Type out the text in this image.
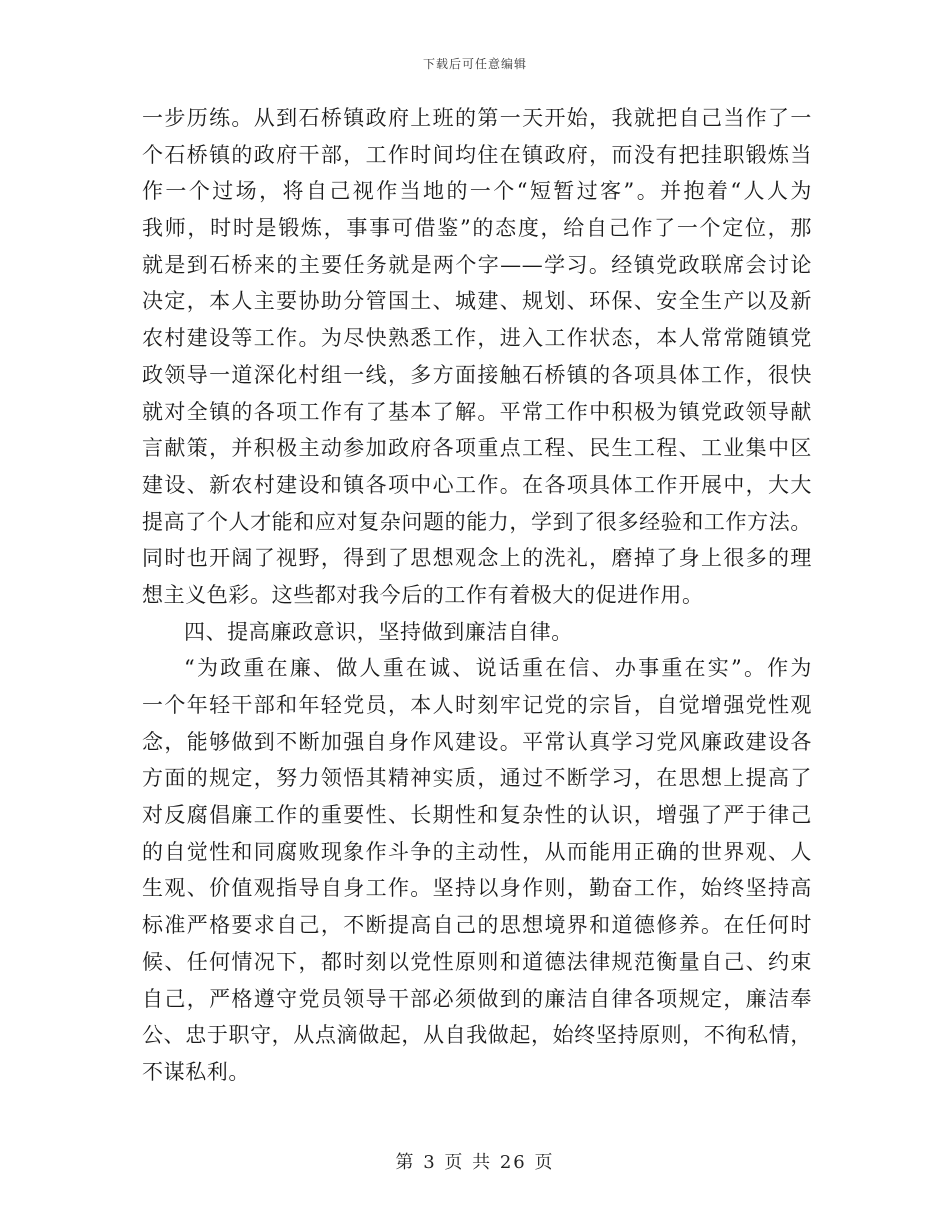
下载后可任意编辑
一步历练。从到石桥镇政府上班的第一天开始，我就把自己当作了一
个石桥镇的政府干部，工作时间均住在镇政府，而没有把挂职锻炼当
作一个过场，将自己视作当地的一个“短暂过客”。并抱着“人人为
我师，时时是锻炼，事事可借鉴”的态度，给自己作了一个定位，那
就是到石桥来的主要任务就是两个字——学习。经镇党政联席会讨论
决定，本人主要协助分管国土、城建、规划、环保、安全生产以及新
农村建设等工作。为尽快熟悉工作，进入工作状态，本人常常随镇党
政领导一道深化村组一线，多方面接触石桥镇的各项具体工作，很快
就对全镇的各项工作有了基本了解。平常工作中积极为镇党政领导献
言献策，并积极主动参加政府各项重点工程、民生工程、工业集中区
建设、新农村建设和镇各项中心工作。在各项具体工作开展中，大大
提高了个人才能和应对复杂问题的能力，学到了很多经验和工作方法。
同时也开阔了视野，得到了思想观念上的洗礼，磨掉了身上很多的理
想主义色彩。这些都对我今后的工作有着极大的促进作用。
四、提高廉政意识，坚持做到廉洁自律。
“为政重在廉、做人重在诚、说话重在信、办事重在实”。作为
一个年轻干部和年轻党员，本人时刻牢记党的宗旨，自觉增强党性观
念，能够做到不断加强自身作风建设。平常认真学习党风廉政建设各
方面的规定，努力领悟其精神实质，通过不断学习，在思想上提高了
对反腐倡廉工作的重要性、长期性和复杂性的认识，增强了严于律己
的自觉性和同腐败现象作斗争的主动性，从而能用正确的世界观、人
生观、价值观指导自身工作。坚持以身作则，勤奋工作，始终坚持高
标准严格要求自己，不断提高自己的思想境界和道德修养。在任何时
候、任何情况下，都时刻以党性原则和道德法律规范衡量自己、约束
自己，严格遵守党员领导干部必须做到的廉洁自律各项规定，廉洁奉
公、忠于职守，从点滴做起，从自我做起，始终坚持原则，不徇私情，
不谋私利。
第 3 页 共 26 页
